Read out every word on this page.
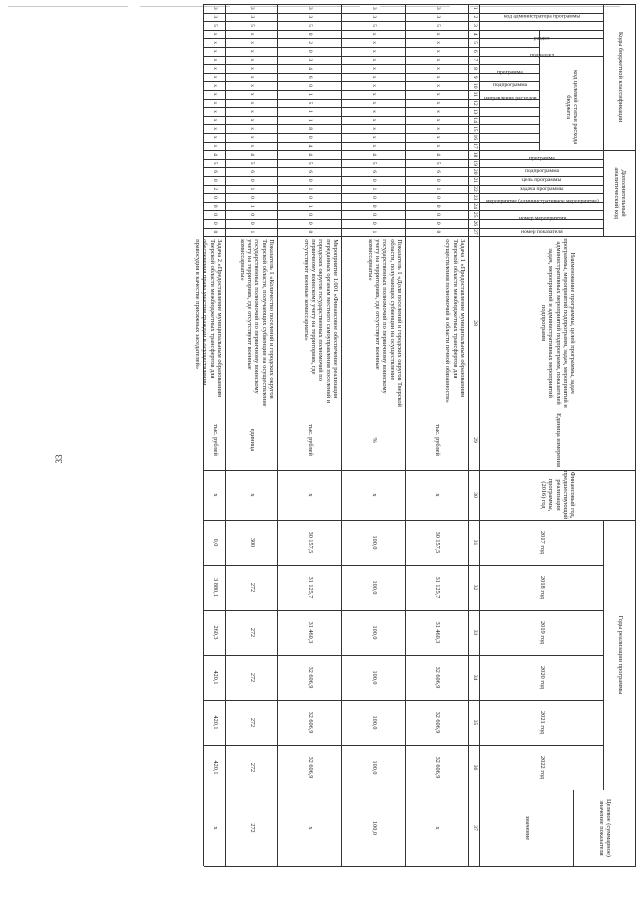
33
Коды бюджетной классификации
код администратора программы
раздел
подраздел
код целевой статьи расхода бюджета
программа
подпрограмма
направление расходов
Дополнительный аналитический код
программа
подпрограмма
цель программы
задача программы
мероприятие (административное мероприятие)
номер мероприятия
номер показателя
Наименование программы, целей программы, задач программы, мероприятий подпрограмм, задач, мероприятий и административных мероприятий подпрограмм, показателей задач, мероприятий и административных мероприятий подпрограмм
Единица измерения
Финансовый год, предшествующий реализации программы, (2016) год
Годы реализации программы
2017 год
2018 год
2019 год
2020 год
2021 год
2022 год
Целевое (суммарное) значение показателя
значение
1
2
3
4
5
6
7
8
9
10
11
12
13
14
15
16
17
18
19
20
21
22
23
24
25
26
27
28
29
30
31
32
33
34
35
36
37
3
3
5
х
х
х
х
х
х
х
х
х
х
х
х
х
х
4
5
6
0
1
0
0
0
0
0
Задача 1 «Предоставление муниципальным образованиям Тверской области межбюджетных трансфертов для осуществления полномочий в области печной обязанности»
тыс. рублей
х
30 157,5
31 125,7
31 460,3
32 606,9
32 606,9
32 606,9
х
3
3
5
х
х
х
х
х
х
х
х
х
х
х
х
х
х
4
5
6
0
1
0
0
0
0
1
Показатель 1 «Доля поселений и городских округов Тверской области, получающих субвенции на осуществление государственных полномочий по первичному воинскому учету на территориях, где отсутствуют военные комиссариаты»
%
х
100,0
100,0
100,0
100,0
100,0
100,0
100,0
3
3
5
0
2
0
3
4
6
0
1
5
1
1
8
0
4
4
5
6
0
1
0
1
0
0
0
Мероприятие 1.001 «Финансовое обеспечение реализации переданных органам местного самоуправления поселений и городских округов государственных полномочий по первичному воинскому учету на территориях, где отсутствуют военные комиссариаты»
тыс. рублей
х
30 157,5
31 125,7
31 460,3
32 606,9
32 606,9
32 606,9
х
3
3
5
х
х
х
х
х
х
х
х
х
х
х
х
х
х
4
5
6
0
1
0
1
0
0
1
Показатель 1 «Количество поселений и городских округов Тверской области, получающих субвенции на осуществление государственных полномочий по первичному воинскому учету на территориях, где отсутствуют военные комиссариаты»
единица
х
300
272
272
272
272
272
272
3
3
5
х
х
х
х
х
х
х
х
х
х
х
х
х
х
4
5
6
0
2
0
0
0
0
0
Задача 2 «Предоставление муниципальным образованиям Тверской области межбюджетных трансфертов для обеспечения права участия граждан в осуществлении правосудия в качестве присяжных заседателей»
тыс. рублей
х
0,0
3 880,1
260,3
420,1
420,1
420,1
х
